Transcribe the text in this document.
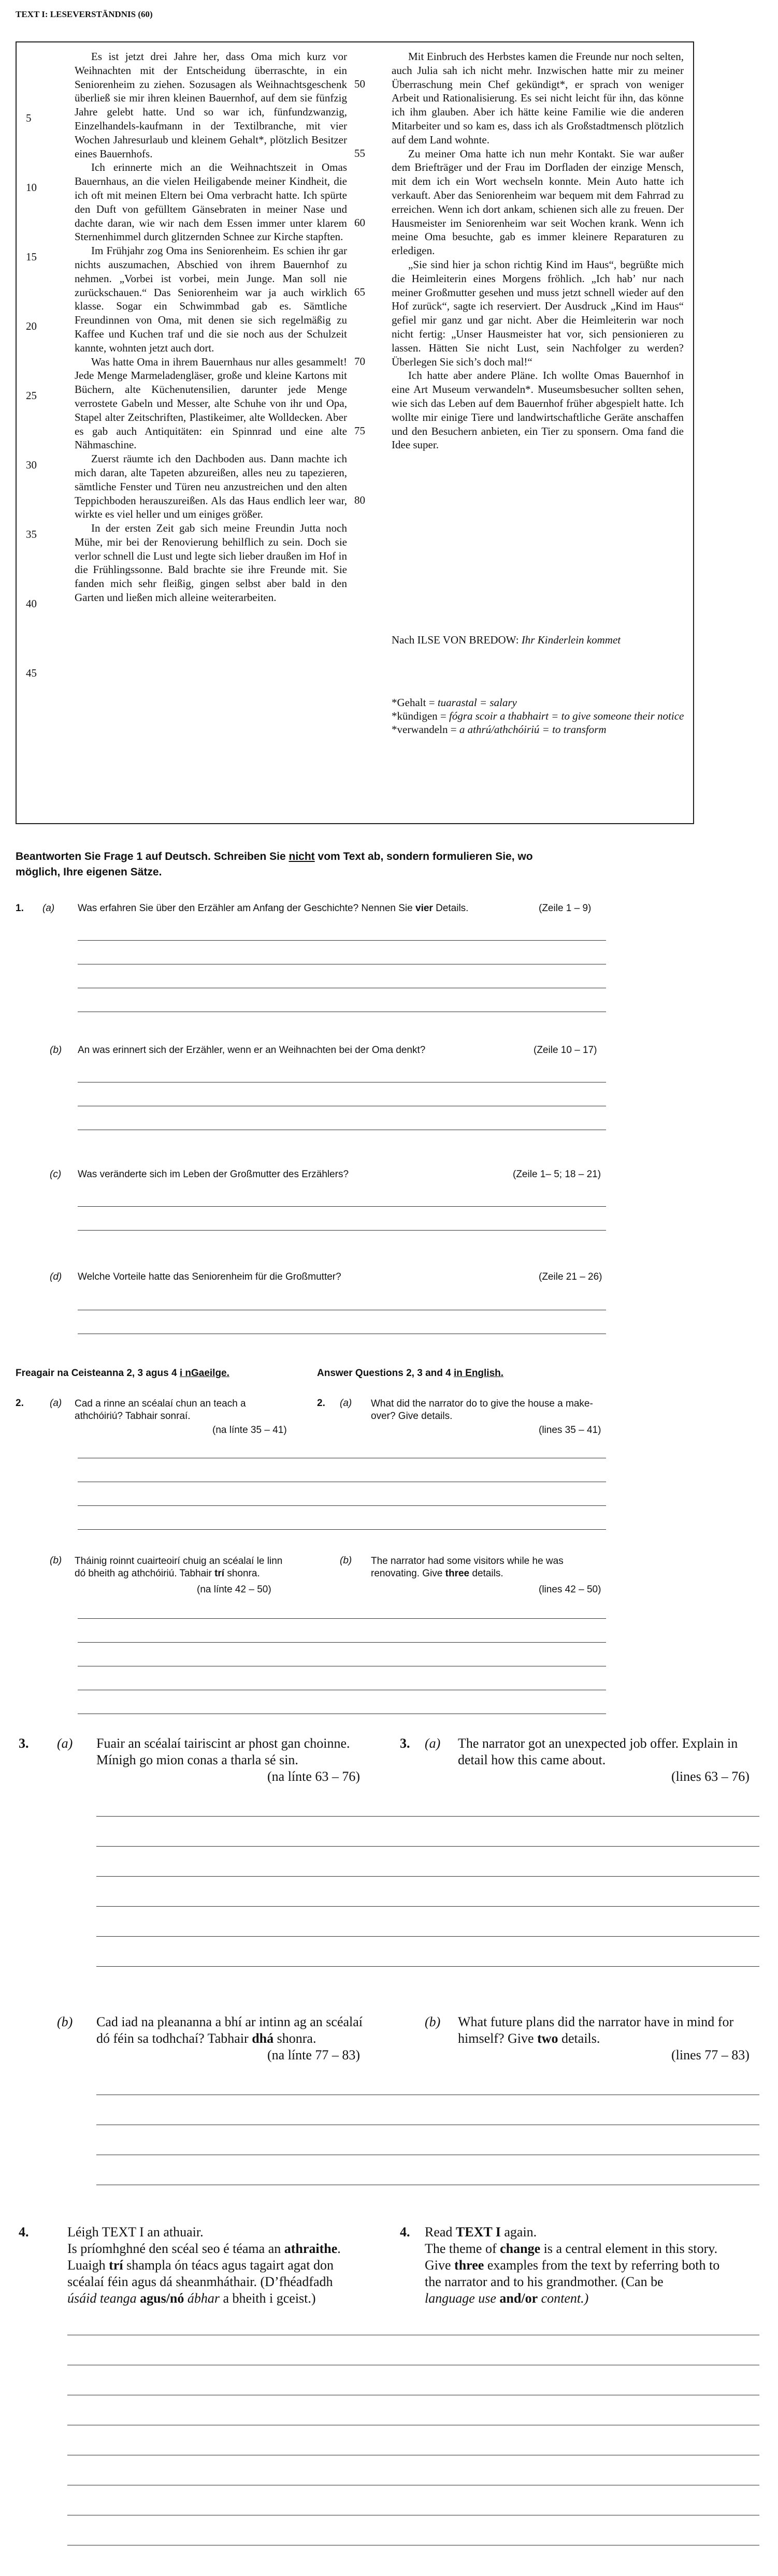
TEXT I: LESEVERSTÄNDNIS (60)
5
10
15
20
25
30
35
40
45

Es ist jetzt drei Jahre her, dass Oma mich kurz vor Weihnachten mit der Entscheidung überraschte, in ein Seniorenheim zu ziehen. Sozusagen als Weihnachtsgeschenk überließ sie mir ihren kleinen Bauernhof, auf dem sie fünfzig Jahre gelebt hatte. Und so war ich, fünfundzwanzig, Einzelhandels-kaufmann in der Textilbranche, mit vier Wochen Jahresurlaub und kleinem Gehalt*, plötzlich Besitzer eines Bauernhofs.

Ich erinnerte mich an die Weihnachtszeit in Omas Bauernhaus, an die vielen Heiligabende meiner Kindheit, die ich oft mit meinen Eltern bei Oma verbracht hatte. Ich spürte den Duft von gefülltem Gänsebraten in meiner Nase und dachte daran, wie wir nach dem Essen immer unter klarem Sternenhimmel durch glitzernden Schnee zur Kirche stapften.

Im Frühjahr zog Oma ins Seniorenheim. Es schien ihr gar nichts auszumachen, Abschied von ihrem Bauernhof zu nehmen. „Vorbei ist vorbei, mein Junge. Man soll nie zurückschauen.“ Das Seniorenheim war ja auch wirklich klasse. Sogar ein Schwimmbad gab es. Sämtliche Freundinnen von Oma, mit denen sie sich regelmäßig zu Kaffee und Kuchen traf und die sie noch aus der Schulzeit kannte, wohnten jetzt auch dort.

Was hatte Oma in ihrem Bauernhaus nur alles gesammelt! Jede Menge Marmeladengläser, große und kleine Kartons mit Büchern, alte Küchenutensilien, darunter jede Menge verrostete Gabeln und Messer, alte Schuhe von ihr und Opa, Stapel alter Zeitschriften, Plastikeimer, alte Wolldecken. Aber es gab auch Antiquitäten: ein Spinnrad und eine alte Nähmaschine.

Zuerst räumte ich den Dachboden aus. Dann machte ich mich daran, alte Tapeten abzureißen, alles neu zu tapezieren, sämtliche Fenster und Türen neu anzustreichen und den alten Teppichboden herauszureißen. Als das Haus endlich leer war, wirkte es viel heller und um einiges größer.

In der ersten Zeit gab sich meine Freundin Jutta noch Mühe, mir bei der Renovierung behilflich zu sein. Doch sie verlor schnell die Lust und legte sich lieber draußen im Hof in die Frühlingssonne. Bald brachte sie ihre Freunde mit. Sie fanden mich sehr fleißig, gingen selbst aber bald in den Garten und ließen mich alleine weiterarbeiten.

50
55
60
65
70
75
80

Mit Einbruch des Herbstes kamen die Freunde nur noch selten, auch Julia sah ich nicht mehr. Inzwischen hatte mir zu meiner Überraschung mein Chef gekündigt*, er sprach von weniger Arbeit und Rationalisierung. Es sei nicht leicht für ihn, das könne ich ihm glauben. Aber ich hätte keine Familie wie die anderen Mitarbeiter und so kam es, dass ich als Großstadtmensch plötzlich auf dem Land wohnte.

Zu meiner Oma hatte ich nun mehr Kontakt. Sie war außer dem Briefträger und der Frau im Dorfladen der einzige Mensch, mit dem ich ein Wort wechseln konnte. Mein Auto hatte ich verkauft. Aber das Seniorenheim war bequem mit dem Fahrrad zu erreichen. Wenn ich dort ankam, schienen sich alle zu freuen. Der Hausmeister im Seniorenheim war seit Wochen krank. Wenn ich meine Oma besuchte, gab es immer kleinere Reparaturen zu erledigen.

„Sie sind hier ja schon richtig Kind im Haus“, begrüßte mich die Heimleiterin eines Morgens fröhlich. „Ich hab’ nur nach meiner Großmutter gesehen und muss jetzt schnell wieder auf den Hof zurück“, sagte ich reserviert. Der Ausdruck „Kind im Haus“ gefiel mir ganz und gar nicht. Aber die Heimleiterin war noch nicht fertig: „Unser Hausmeister hat vor, sich pensionieren zu lassen. Hätten Sie nicht Lust, sein Nachfolger zu werden? Überlegen Sie sich’s doch mal!“

Ich hatte aber andere Pläne. Ich wollte Omas Bauernhof in eine Art Museum verwandeln*. Museumsbesucher sollten sehen, wie sich das Leben auf dem Bauernhof früher abgespielt hatte. Ich wollte mir einige Tiere und landwirtschaftliche Geräte anschaffen und den Besuchern anbieten, ein Tier zu sponsern. Oma fand die Idee super.

Nach ILSE VON BREDOW: Ihr Kinderlein kommet
*Gehalt = tuarastal = salary
*kündigen = fógra scoir a thabhairt = to give someone their notice
*verwandeln = a athrú/athchóiriú = to transform
Beantworten Sie Frage 1 auf Deutsch. Schreiben Sie nicht vom Text ab, sondern formulieren Sie, wo
möglich, Ihre eigenen Sätze.
1. (a) Was erfahren Sie über den Erzähler am Anfang der Geschichte? Nennen Sie vier Details.	(Zeile 1 – 9)
(b) An was erinnert sich der Erzähler, wenn er an Weihnachten bei der Oma denkt?	(Zeile 10 – 17)
(c) Was veränderte sich im Leben der Großmutter des Erzählers?	(Zeile 1– 5; 18 – 21)
(d) Welche Vorteile hatte das Seniorenheim für die Großmutter?	(Zeile 21 – 26)
Freagair na Ceisteanna 2, 3 agus 4 i nGaeilge.	Answer Questions 2, 3 and 4 in English.
2.	(a) Cad a rinne an scéalaí chun an teach a athchóiriú? Tabhair sonraí.
(na línte 35 – 41)
2. (a) What did the narrator do to give the house a make-over? Give details.
(lines 35 – 41)
(b) Tháinig roinnt cuairteoirí chuig an scéalaí le linn dó bheith ag athchóiriú. Tabhair trí shonra.
(na línte 42 – 50)
(b) The narrator had some visitors while he was renovating. Give three details.
(lines 42 – 50)
3. (a) Fuair an scéalaí tairiscint ar phost gan choinne. Mínigh go mion conas a tharla sé sin.
(na línte 63 – 76)
3. (a) The narrator got an unexpected job offer. Explain in detail how this came about.
(lines 63 – 76)
(b) Cad iad na pleananna a bhí ar intinn ag an scéalaí dó féin sa todhchaí? Tabhair dhá shonra.
(na línte 77 – 83)
(b) What future plans did the narrator have in mind for himself? Give two details.
(lines 77 – 83)
4.	Léigh TEXT I an athuair.
Is príomhghné den scéal seo é téama an athraithe.
Luaigh trí shampla ón téacs agus tagairt agat don
scéalaí féin agus dá sheanmháthair. (D’fhéadfadh
úsáid teanga agus/nó ábhar a bheith i gceist.)
4. Read TEXT I again.
The theme of change is a central element in this story.
Give three examples from the text by referring both to
the narrator and to his grandmother. (Can be
language use and/or content.)
